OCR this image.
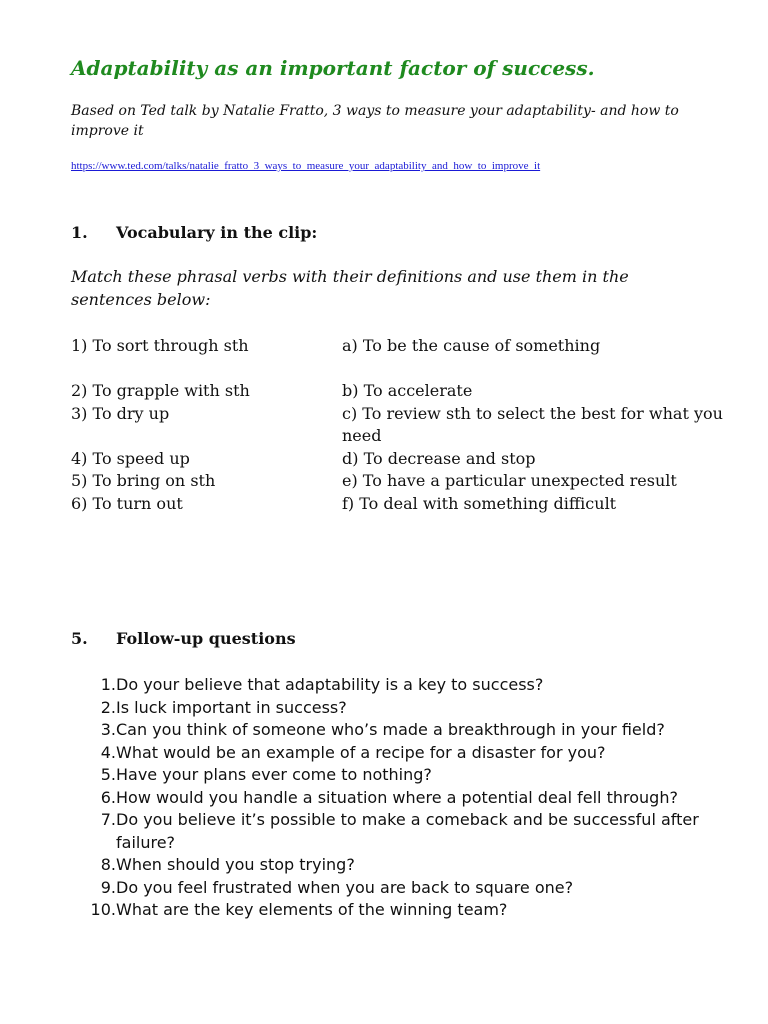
Adaptability as an important factor of success.

Based on Ted talk by Natalie Fratto, 3 ways to measure your adaptability- and how to improve it

https://www.ted.com/talks/natalie_fratto_3_ways_to_measure_your_adaptability_and_how_to_improve_it
1. Vocabulary in the clip:

Match these phrasal verbs with their definitions and use them in the sentences below:

1) To sort through sth	a) To be the cause of something
2) To grapple with sth	b) To accelerate
3) To dry up	c) To review sth to select the best for what you need
4) To speed up	d) To decrease and stop
5) To bring on sth	e) To have a particular unexpected result
6) To turn out	f) To deal with something difficult
5. Follow-up questions
1. Do your believe that adaptability is a key to success?
2. Is luck important in success?
3. Can you think of someone who’s made a breakthrough in your field?
4. What would be an example of a recipe for a disaster for you?
5. Have your plans ever come to nothing?
6. How would you handle a situation where a potential deal fell through?
7. Do you believe it’s possible to make a comeback and be successful after failure?
8. When should you stop trying?
9. Do you feel frustrated when you are back to square one?
10. What are the key elements of the winning team?
